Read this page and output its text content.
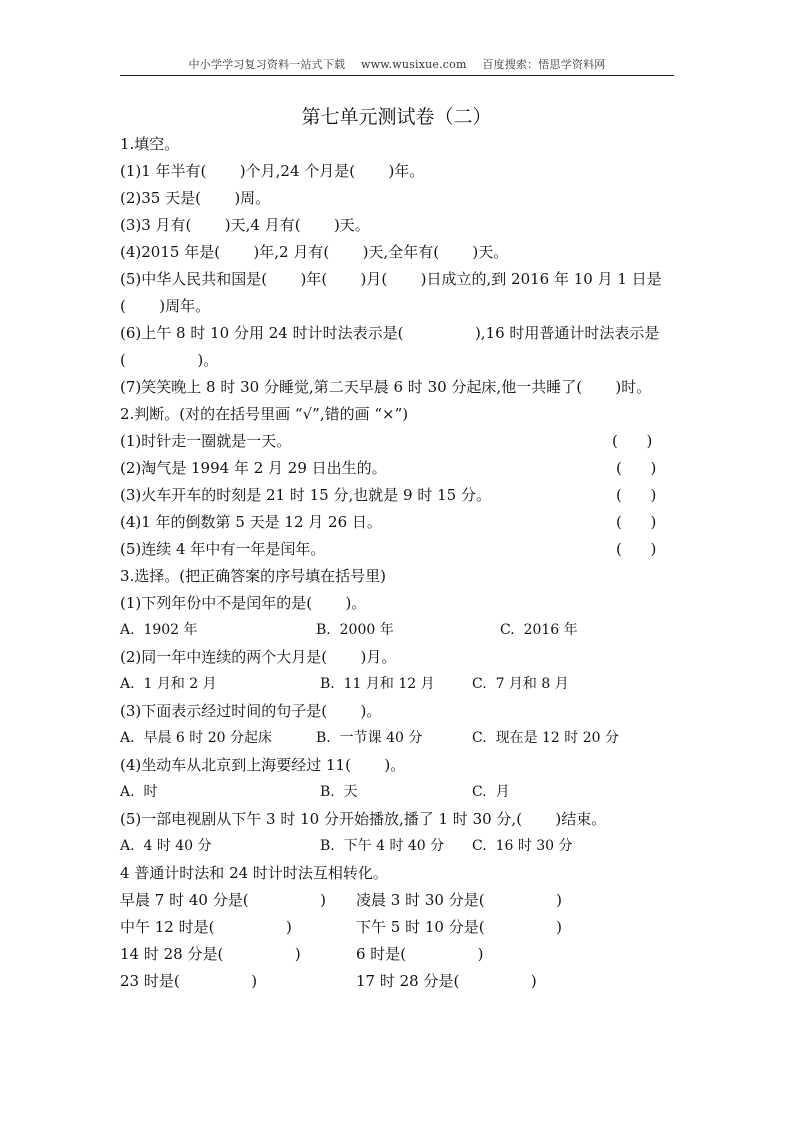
中小学学习复习资料一站式下载 www.wusixue.com 百度搜索：悟思学资料网
第七单元测试卷（二）
1.填空。
(1)1 年半有(       )个月,24 个月是(       )年。
(2)35 天是(       )周。
(3)3 月有(       )天,4 月有(       )天。
(4)2015 年是(       )年,2 月有(       )天,全年有(       )天。
(5)中华人民共和国是(       )年(       )月(       )日成立的,到 2016 年 10 月 1 日是
(       )周年。
(6)上午 8 时 10 分用 24 时计时法表示是(               ),16 时用普通计时法表示是
(               )。
(7)笑笑晚上 8 时 30 分睡觉,第二天早晨 6 时 30 分起床,他一共睡了(       )时。
2.判断。(对的在括号里画 “√”,错的画 “×”)
(1)时针走一圈就是一天。	(      )
(2)淘气是 1994 年 2 月 29 日出生的。	(      )
(3)火车开车的时刻是 21 时 15 分,也就是 9 时 15 分。	(      )
(4)1 年的倒数第 5 天是 12 月 26 日。	(      )
(5)连续 4 年中有一年是闰年。	(      )
3.选择。(把正确答案的序号填在括号里)
(1)下列年份中不是闰年的是(       )。
A.  1902 年	B.  2000 年	C.  2016 年
(2)同一年中连续的两个大月是(       )月。
A.  1 月和 2 月	B.  11 月和 12 月	C.  7 月和 8 月
(3)下面表示经过时间的句子是(       )。
A.  早晨 6 时 20 分起床	B.  一节课 40 分	C.  现在是 12 时 20 分
(4)坐动车从北京到上海要经过 11(       )。
A.  时	B.  天	C.  月
(5)一部电视剧从下午 3 时 10 分开始播放,播了 1 时 30 分,(       )结束。
A.  4 时 40 分	B.  下午 4 时 40 分 C.  16 时 30 分
4 普通计时法和 24 时计时法互相转化。
早晨 7 时 40 分是(               ) 凌晨 3 时 30 分是(               )
中午 12 时是(               )	下午 5 时 10 分是(               )
14 时 28 分是(               )	6 时是(               )
23 时是(               )	17 时 28 分是(               )
